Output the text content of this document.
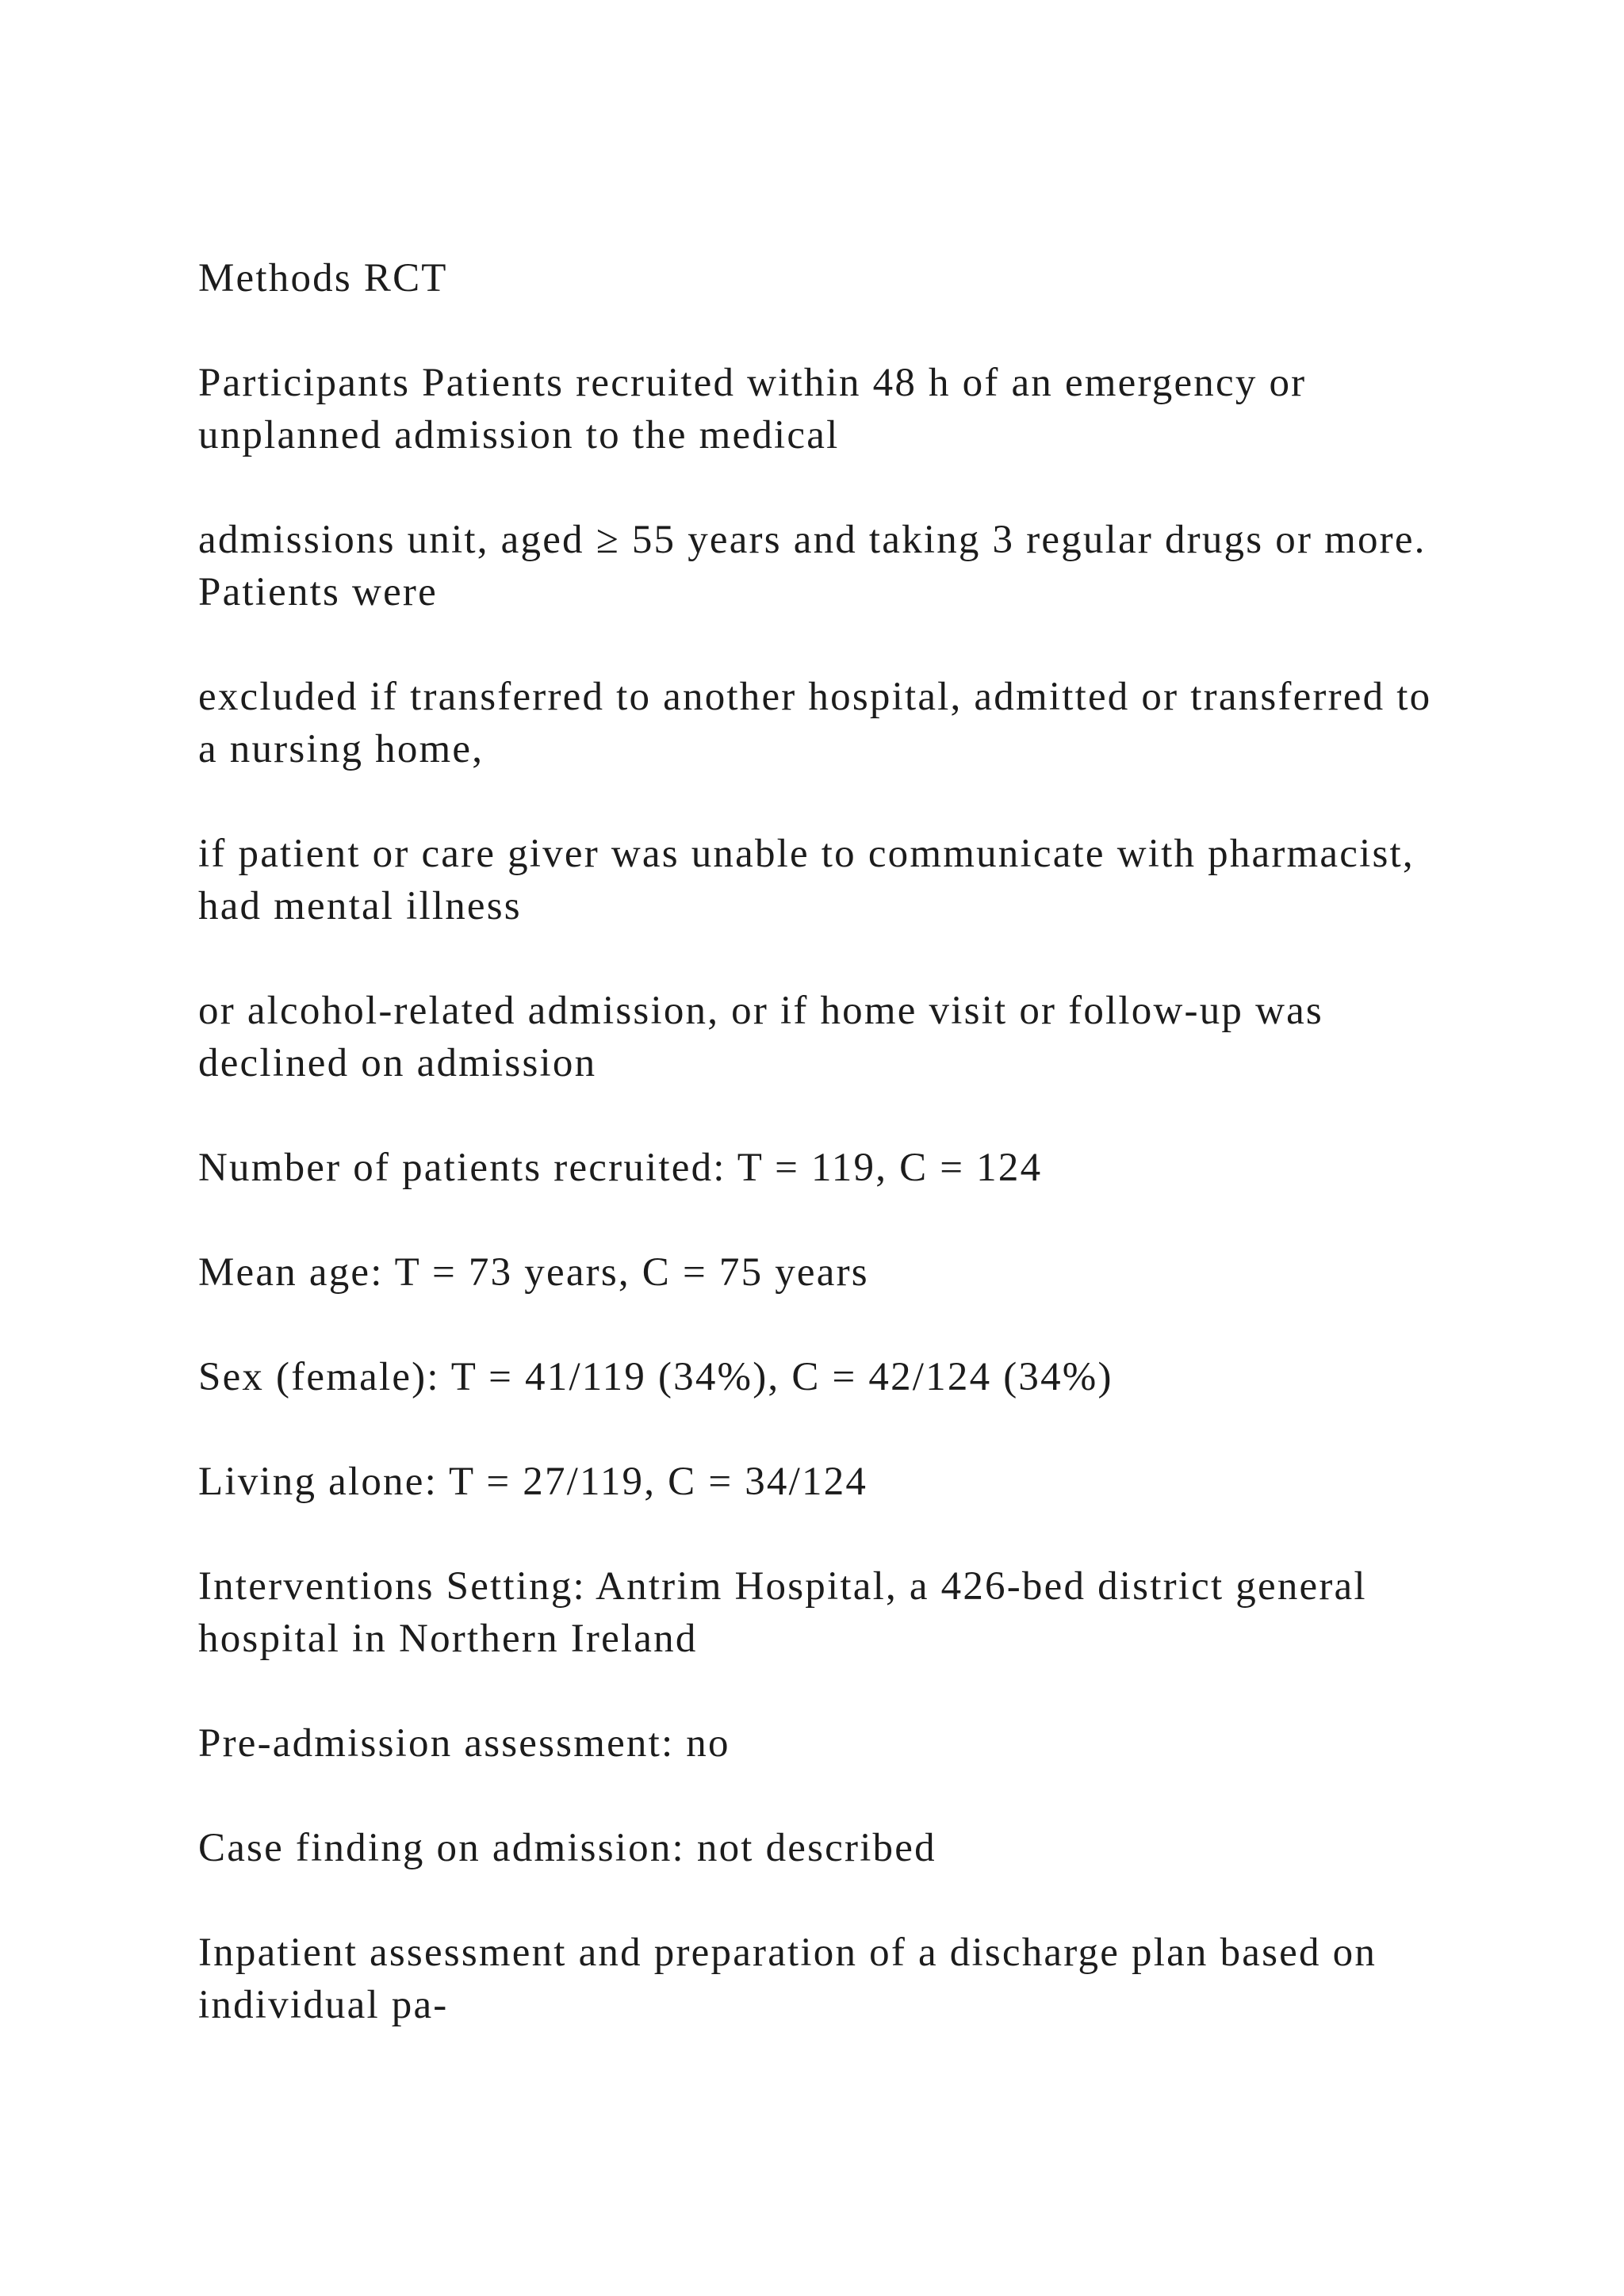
Methods RCT

Participants Patients recruited within 48 h of an emergency or unplanned admission to the medical

admissions unit, aged ≥ 55 years and taking 3 regular drugs or more. Patients were

excluded if transferred to another hospital, admitted or transferred to a nursing home,

if patient or care giver was unable to communicate with pharmacist, had mental illness

or alcohol-related admission, or if home visit or follow-up was declined on admission

Number of patients recruited: T = 119, C = 124

Mean age: T = 73 years, C = 75 years

Sex (female): T = 41/119 (34%), C = 42/124 (34%)

Living alone: T = 27/119, C = 34/124

Interventions Setting: Antrim Hospital, a 426-bed district general hospital in Northern Ireland

Pre-admission assessment: no

Case finding on admission: not described

Inpatient assessment and preparation of a discharge plan based on individual pa-
